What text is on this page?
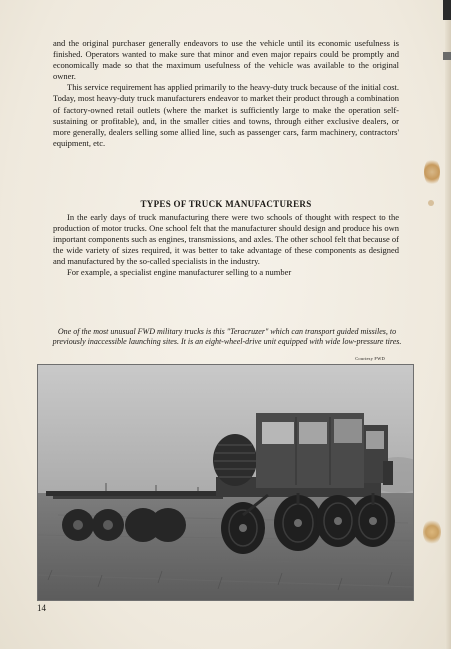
and the original purchaser generally endeavors to use the vehicle until its economic usefulness is finished. Operators wanted to make sure that minor and even major repairs could be promptly and economically made so that the maximum usefulness of the vehicle was available to the original owner.

This service requirement has applied primarily to the heavy-duty truck because of the initial cost. Today, most heavy-duty truck manufacturers endeavor to market their product through a combination of factory-owned retail outlets (where the market is sufficiently large to make the operation self-sustaining or profitable), and, in the smaller cities and towns, through either exclusive dealers, or more generally, dealers selling some allied line, such as passenger cars, farm machinery, contractors' equipment, etc.

TYPES OF TRUCK MANUFACTURERS

In the early days of truck manufacturing there were two schools of thought with respect to the production of motor trucks. One school felt that the manufacturer should design and produce his own important components such as engines, transmissions, and axles. The other school felt that because of the wide variety of sizes required, it was better to take advantage of these components as designed and manufactured by the so-called specialists in the industry.

For example, a specialist engine manufacturer selling to a number

One of the most unusual FWD military trucks is this "Teracruzer" which can transport guided missiles, to previously inaccessible launching sites. It is an eight-wheel-drive unit equipped with wide low-pressure tires.
Courtesy FWD
14
